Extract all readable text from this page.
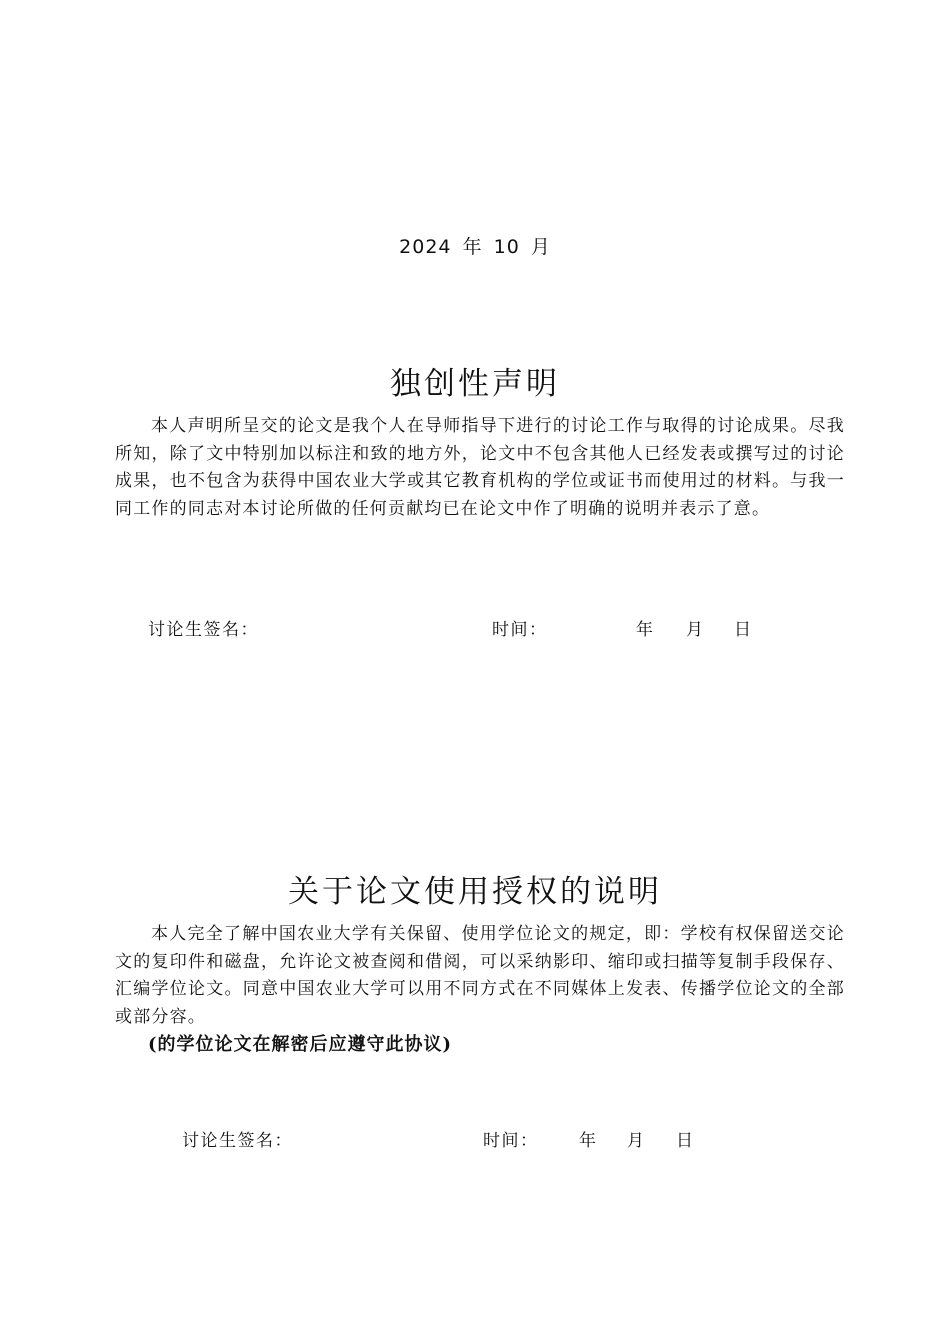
2024 年 10 月

独创性声明

本人声明所呈交的论文是我个人在导师指导下进行的讨论工作与取得的讨论成果。尽我所知，除了文中特别加以标注和致的地方外，论文中不包含其他人已经发表或撰写过的讨论成果，也不包含为获得中国农业大学或其它教育机构的学位或证书而使用过的材料。与我一同工作的同志对本讨论所做的任何贡献均已在论文中作了明确的说明并表示了意。

讨论生签名：	时间：	年 月 日
关于论文使用授权的说明

本人完全了解中国农业大学有关保留、使用学位论文的规定，即：学校有权保留送交论文的复印件和磁盘，允许论文被查阅和借阅，可以采纳影印、缩印或扫描等复制手段保存、汇编学位论文。同意中国农业大学可以用不同方式在不同媒体上发表、传播学位论文的全部或部分容。

(的学位论文在解密后应遵守此协议)

讨论生签名：	时间： 年 月 日
